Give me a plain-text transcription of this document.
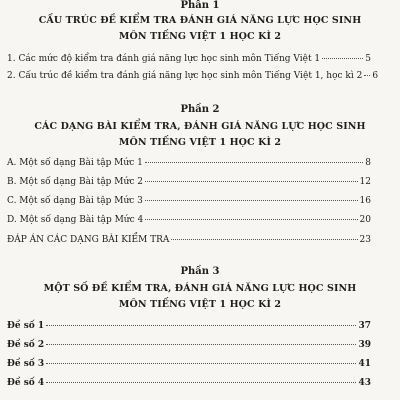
Phần 1
CẤU TRÚC ĐỀ KIỂM TRA ĐÁNH GIÁ NĂNG LỰC HỌC SINH
MÔN TIẾNG VIỆT 1 HỌC KÌ 2
1. Các mức độ kiểm tra đánh giá năng lực học sinh môn Tiếng Việt 1	5
2. Cấu trúc đề kiểm tra đánh giá năng lực học sinh môn Tiếng Việt 1, học kì 2 6
Phần 2
CÁC DẠNG BÀI KIỂM TRA, ĐÁNH GIÁ NĂNG LỰC HỌC SINH
MÔN TIẾNG VIỆT 1 HỌC KÌ 2
A. Một số dạng Bài tập Mức 1	8
B. Một số dạng Bài tập Mức 2	12
C. Một số dạng Bài tập Mức 3	16
D. Một số dạng Bài tập Mức 4	20
ĐÁP ÁN CÁC DẠNG BÀI KIỂM TRA	23
Phần 3
MỘT SỐ ĐỀ KIỂM TRA, ĐÁNH GIÁ NĂNG LỰC HỌC SINH
MÔN TIẾNG VIỆT 1 HỌC KÌ 2
Đề số 1	37
Đề số 2	39
Đề số 3	41
Đề số 4	43
